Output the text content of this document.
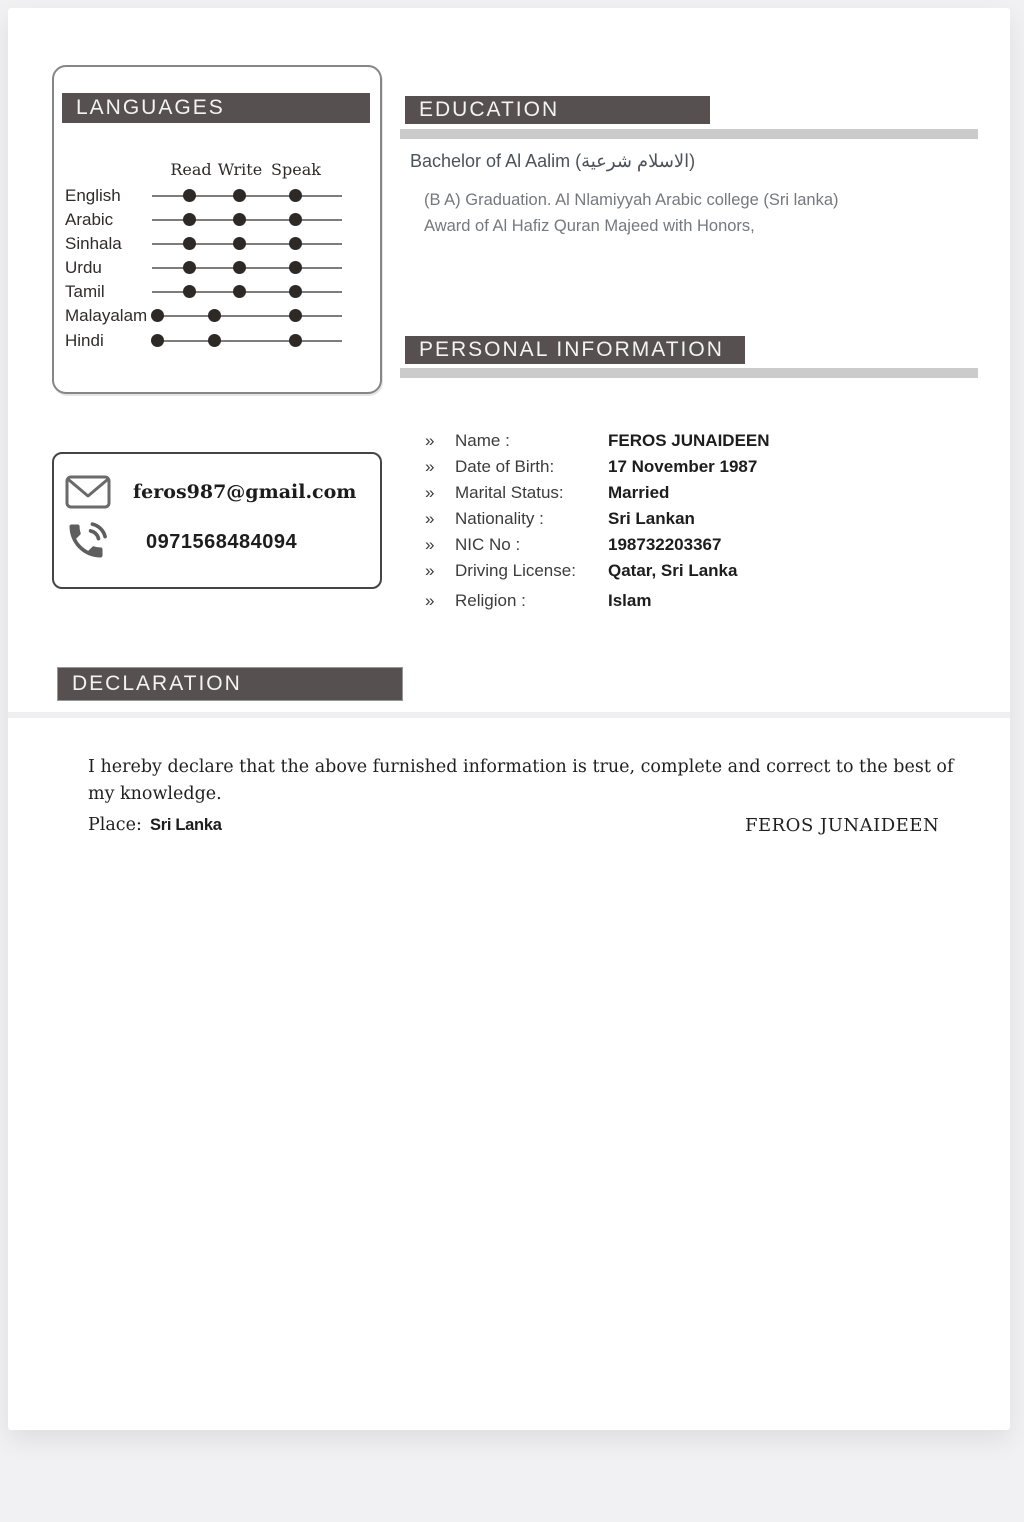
LANGUAGES
Read Write Speak
English
Arabic
Sinhala
Urdu
Tamil
Malayalam
Hindi
feros987@gmail.com
0971568484094
EDUCATION
Bachelor of Al Aalim (الاسلام شرعية)
(B A) Graduation. Al Nlamiyyah Arabic college (Sri lanka)
Award of Al Hafiz Quran Majeed with Honors,
PERSONAL INFORMATION
» Name :	FEROS JUNAIDEEN
» Date of Birth:	17 November 1987
» Marital Status:	Married
» Nationality :	Sri Lankan
» NIC No :	198732203367
» Driving License: Qatar, Sri Lanka
» Religion :	Islam
DECLARATION
I hereby declare that the above furnished information is true, complete and correct to the best of my knowledge.
Place: Sri Lanka	FEROS JUNAIDEEN
